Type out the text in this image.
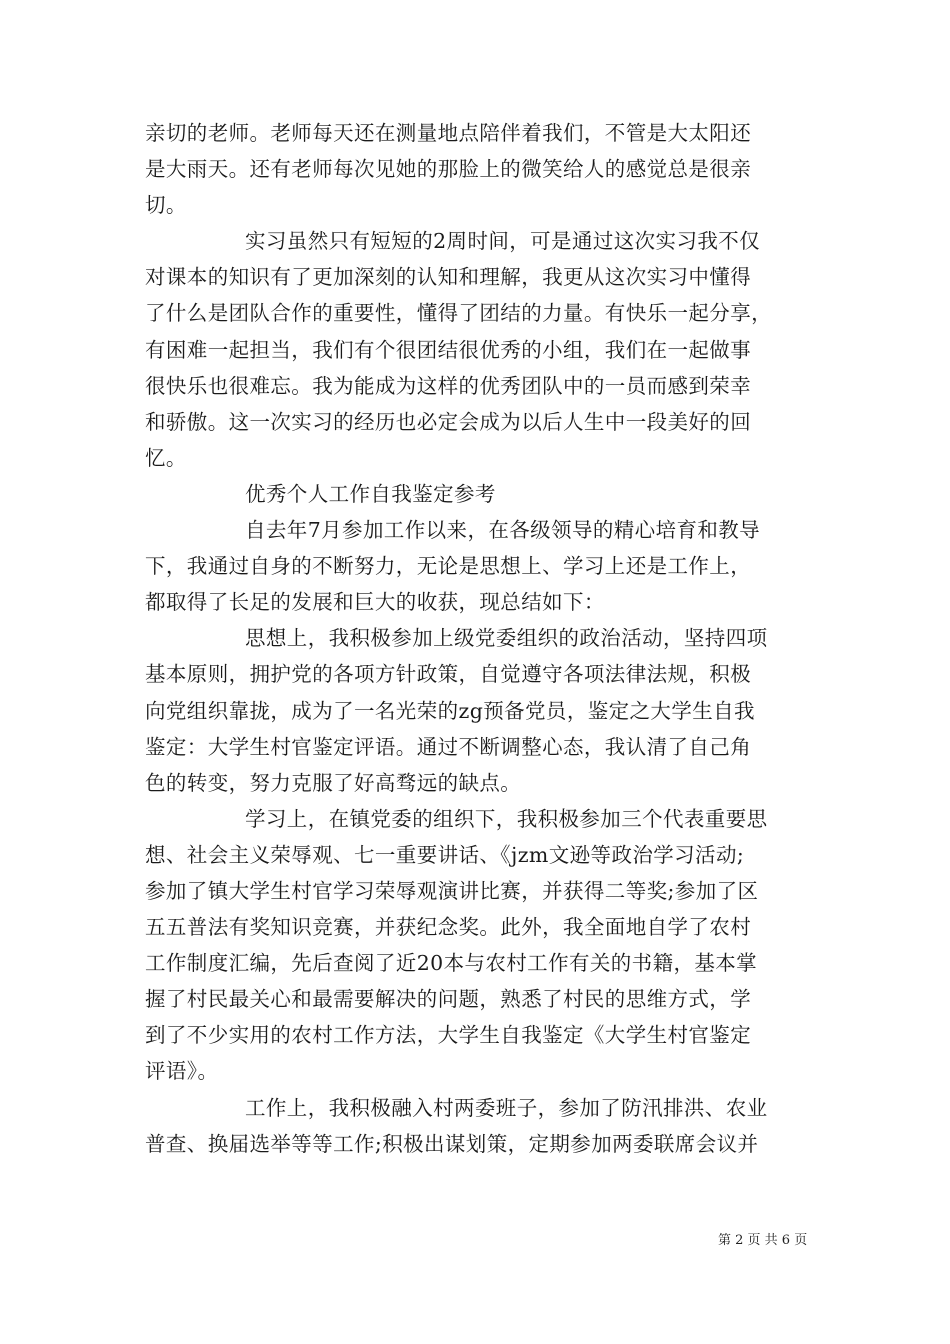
亲切的老师。老师每天还在测量地点陪伴着我们，不管是大太阳还
是大雨天。还有老师每次见她的那脸上的微笑给人的感觉总是很亲
切。
实习虽然只有短短的2周时间，可是通过这次实习我不仅
对课本的知识有了更加深刻的认知和理解，我更从这次实习中懂得
了什么是团队合作的重要性，懂得了团结的力量。有快乐一起分享，
有困难一起担当，我们有个很团结很优秀的小组，我们在一起做事
很快乐也很难忘。我为能成为这样的优秀团队中的一员而感到荣幸
和骄傲。这一次实习的经历也必定会成为以后人生中一段美好的回
忆。
优秀个人工作自我鉴定参考
自去年7月参加工作以来，在各级领导的精心培育和教导
下，我通过自身的不断努力，无论是思想上、学习上还是工作上，
都取得了长足的发展和巨大的收获，现总结如下：
思想上，我积极参加上级党委组织的政治活动，坚持四项
基本原则，拥护党的各项方针政策，自觉遵守各项法律法规，积极
向党组织靠拢，成为了一名光荣的zg预备党员，鉴定之大学生自我
鉴定：大学生村官鉴定评语。通过不断调整心态，我认清了自己角
色的转变，努力克服了好高骛远的缺点。
学习上，在镇党委的组织下，我积极参加三个代表重要思
想、社会主义荣辱观、七一重要讲话、《jzm文逊等政治学习活动;
参加了镇大学生村官学习荣辱观演讲比赛，并获得二等奖;参加了区
五五普法有奖知识竞赛，并获纪念奖。此外，我全面地自学了农村
工作制度汇编，先后查阅了近20本与农村工作有关的书籍，基本掌
握了村民最关心和最需要解决的问题，熟悉了村民的思维方式，学
到了不少实用的农村工作方法，大学生自我鉴定《大学生村官鉴定
评语》。
工作上，我积极融入村两委班子，参加了防汛排洪、农业
普查、换届选举等等工作;积极出谋划策，定期参加两委联席会议并
第 2 页 共 6 页
